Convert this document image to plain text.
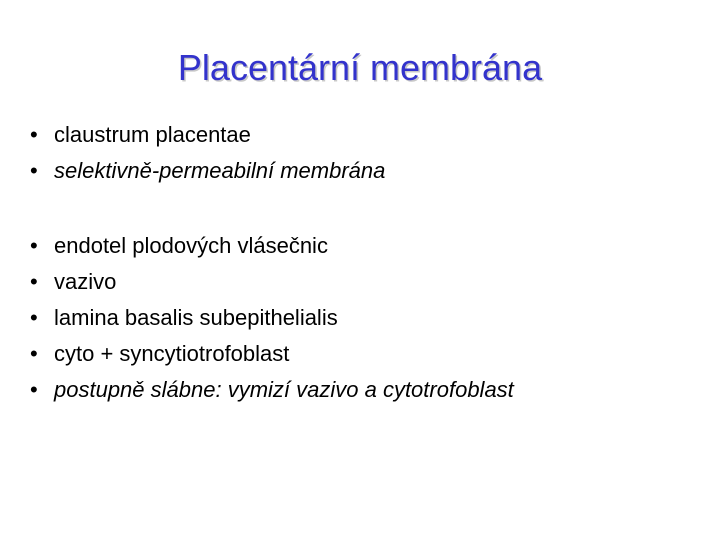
Placentární membrána
• claustrum placentae
• selektivně-permeabilní membrána
• endotel plodových vlásečnic
• vazivo
• lamina basalis subepithelialis
• cyto + syncytiotrofoblast
• postupně slábne: vymizí vazivo a cytotrofoblast
